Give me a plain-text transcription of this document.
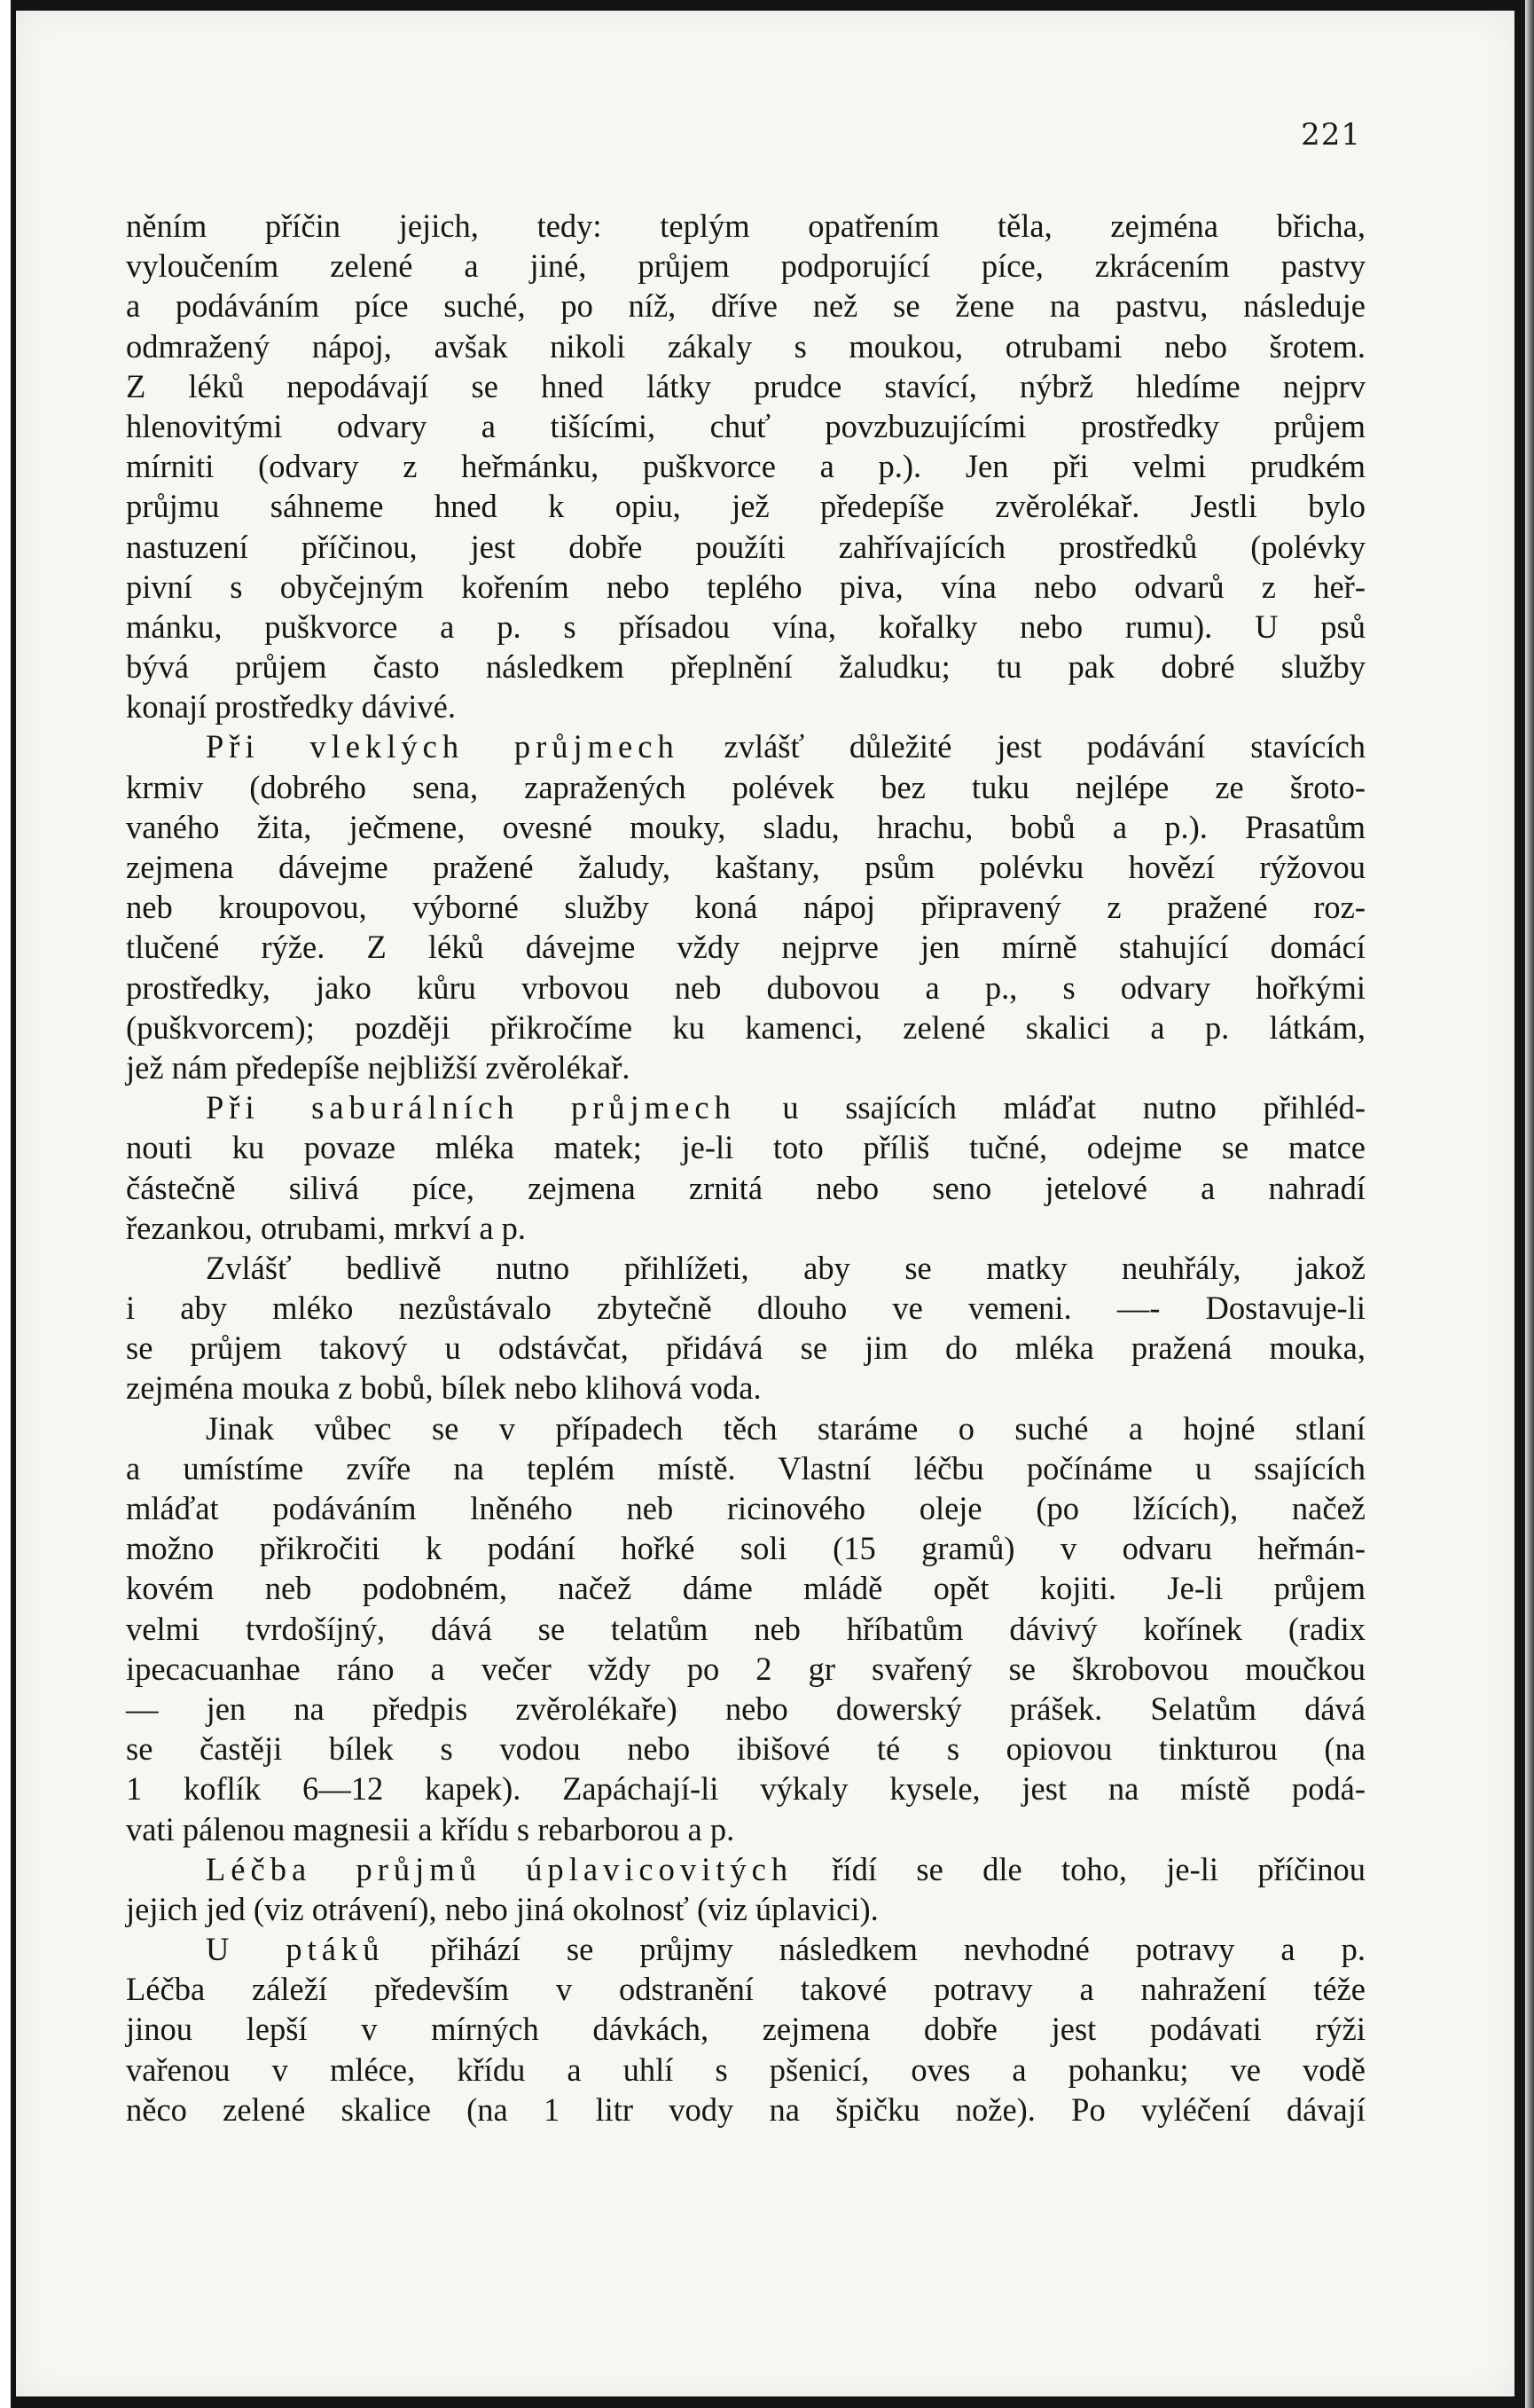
221
něním příčin jejich, tedy: teplým opatřením těla, zejména břicha,
vyloučením zelené a jiné, průjem podporující píce, zkrácením pastvy
a podáváním píce suché, po níž, dříve než se žene na pastvu, následuje
odmražený nápoj, avšak nikoli zákaly s moukou, otrubami nebo šrotem.
Z léků nepodávají se hned látky prudce stavící, nýbrž hledíme nejprv
hlenovitými odvary a tišícími, chuť povzbuzujícími prostředky průjem
mírniti (odvary z heřmánku, puškvorce a p.). Jen při velmi prudkém
průjmu sáhneme hned k opiu, jež předepíše zvěrolékař. Jestli bylo
nastuzení příčinou, jest dobře použíti zahřívajících prostředků (polévky
pivní s obyčejným kořením nebo teplého piva, vína nebo odvarů z heř-
mánku, puškvorce a p. s přísadou vína, kořalky nebo rumu). U psů
bývá průjem často následkem přeplnění žaludku; tu pak dobré služby
konají prostředky dávivé.
Při vleklých průjmech zvlášť důležité jest podávání stavících
krmiv (dobrého sena, zapražených polévek bez tuku nejlépe ze šroto-
vaného žita, ječmene, ovesné mouky, sladu, hrachu, bobů a p.). Prasatům
zejmena dávejme pražené žaludy, kaštany, psům polévku hovězí rýžovou
neb kroupovou, výborné služby koná nápoj připravený z pražené roz-
tlučené rýže. Z léků dávejme vždy nejprve jen mírně stahující domácí
prostředky, jako kůru vrbovou neb dubovou a p., s odvary hořkými
(puškvorcem); později přikročíme ku kamenci, zelené skalici a p. látkám,
jež nám předepíše nejbližší zvěrolékař.
Při saburálních průjmech u ssajících mláďat nutno přihléd-
nouti ku povaze mléka matek; je-li toto příliš tučné, odejme se matce
částečně silivá píce, zejmena zrnitá nebo seno jetelové a nahradí
řezankou, otrubami, mrkví a p.
Zvlášť bedlivě nutno přihlížeti, aby se matky neuhřály, jakož
i aby mléko nezůstávalo zbytečně dlouho ve vemeni. —- Dostavuje-li
se průjem takový u odstávčat, přidává se jim do mléka pražená mouka,
zejména mouka z bobů, bílek nebo klihová voda.
Jinak vůbec se v případech těch staráme o suché a hojné stlaní
a umístíme zvíře na teplém místě. Vlastní léčbu počínáme u ssajících
mláďat podáváním lněného neb ricinového oleje (po lžících), načež
možno přikročiti k podání hořké soli (15 gramů) v odvaru heřmán-
kovém neb podobném, načež dáme mládě opět kojiti. Je-li průjem
velmi tvrdošíjný, dává se telatům neb hříbatům dávivý kořínek (radix
ipecacuanhae ráno a večer vždy po 2 gr svařený se škrobovou moučkou
— jen na předpis zvěrolékaře) nebo dowerský prášek. Selatům dává
se častěji bílek s vodou nebo ibišové té s opiovou tinkturou (na
1 koflík 6—12 kapek). Zapáchají-li výkaly kysele, jest na místě podá-
vati pálenou magnesii a křídu s rebarborou a p.
Léčba průjmů úplavicovitých řídí se dle toho, je-li příčinou
jejich jed (viz otrávení), nebo jiná okolnosť (viz úplavici).
U ptáků přihází se průjmy následkem nevhodné potravy a p.
Léčba záleží především v odstranění takové potravy a nahražení téže
jinou lepší v mírných dávkách, zejmena dobře jest podávati rýži
vařenou v mléce, křídu a uhlí s pšenicí, oves a pohanku; ve vodě
něco zelené skalice (na 1 litr vody na špičku nože). Po vyléčení dávají
